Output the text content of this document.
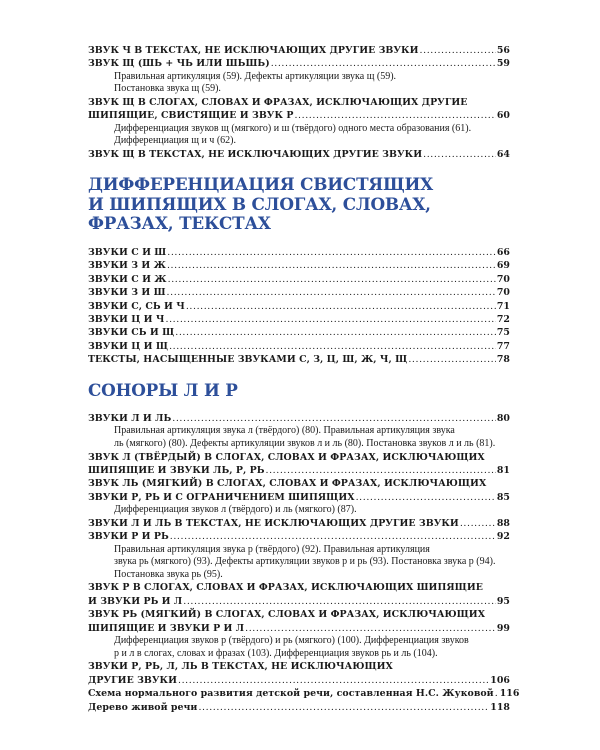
ЗВУК Ч В ТЕКСТАХ, НЕ ИСКЛЮЧАЮЩИХ ДРУГИЕ ЗВУКИ .....	56
ЗВУК Щ (ШЬ + ЧЬ ИЛИ ШЬШЬ) .....	59
Правильная артикуляция (59). Дефекты артикуляции звука щ (59).
Постановка звука щ (59).
ЗВУК Щ В СЛОГАХ, СЛОВАХ И ФРАЗАХ, ИСКЛЮЧАЮЩИХ ДРУГИЕ
ШИПЯЩИЕ, СВИСТЯЩИЕ И ЗВУК Р .....	60
Дифференциация звуков щ (мягкого) и ш (твёрдого) одного места образования (61).
Дифференциация щ и ч (62).
ЗВУК Щ В ТЕКСТАХ, НЕ ИСКЛЮЧАЮЩИХ ДРУГИЕ ЗВУКИ .....	64
ДИФФЕРЕНЦИАЦИЯ СВИСТЯЩИХ
И ШИПЯЩИХ В СЛОГАХ, СЛОВАХ, ФРАЗАХ, ТЕКСТАХ
ЗВУКИ С И Ш .....	66
ЗВУКИ З И Ж .....	69
ЗВУКИ С И Ж .....	70
ЗВУКИ З И Ш .....	70
ЗВУКИ С, СЬ И Ч .....	71
ЗВУКИ Ц И Ч .....	72
ЗВУКИ СЬ И Щ .....	75
ЗВУКИ Ц И Щ .....	77
ТЕКСТЫ, НАСЫЩЕННЫЕ ЗВУКАМИ С, З, Ц, Ш, Ж, Ч, Щ .....	78
СОНОРЫ Л И Р
ЗВУКИ Л И ЛЬ .....	80
Правильная артикуляция звука л (твёрдого) (80). Правильная артикуляция звука
ль (мягкого) (80). Дефекты артикуляции звуков л и ль (80). Постановка звуков л и ль (81).
ЗВУК Л (ТВЁРДЫЙ) В СЛОГАХ, СЛОВАХ И ФРАЗАХ, ИСКЛЮЧАЮЩИХ
ШИПЯЩИЕ И ЗВУКИ ЛЬ, Р, РЬ .....	81
ЗВУК ЛЬ (МЯГКИЙ) В СЛОГАХ, СЛОВАХ И ФРАЗАХ, ИСКЛЮЧАЮЩИХ
ЗВУКИ Р, РЬ И С ОГРАНИЧЕНИЕМ ШИПЯЩИХ .....	85
Дифференциация звуков л (твёрдого) и ль (мягкого) (87).
ЗВУКИ Л И ЛЬ В ТЕКСТАХ, НЕ ИСКЛЮЧАЮЩИХ ДРУГИЕ ЗВУКИ .....	88
ЗВУКИ Р И РЬ .....	92
Правильная артикуляция звука р (твёрдого) (92). Правильная артикуляция
звука рь (мягкого) (93). Дефекты артикуляции звуков р и рь (93). Постановка звука р (94).
Постановка звука рь (95).
ЗВУК Р В СЛОГАХ, СЛОВАХ И ФРАЗАХ, ИСКЛЮЧАЮЩИХ ШИПЯЩИЕ
И ЗВУКИ РЬ И Л .....	95
ЗВУК РЬ (МЯГКИЙ) В СЛОГАХ, СЛОВАХ И ФРАЗАХ, ИСКЛЮЧАЮЩИХ
ШИПЯЩИЕ И ЗВУКИ Р И Л .....	99
Дифференциация звуков р (твёрдого) и рь (мягкого) (100). Дифференциация звуков
р и л в слогах, словах и фразах (103). Дифференциация звуков рь и ль (104).
ЗВУКИ Р, РЬ, Л, ЛЬ В ТЕКСТАХ, НЕ ИСКЛЮЧАЮЩИХ
ДРУГИЕ ЗВУКИ .....	106
Схема нормального развития детской речи, составленная Н.С. Жуковой ..... 116
Дерево живой речи .....	118
